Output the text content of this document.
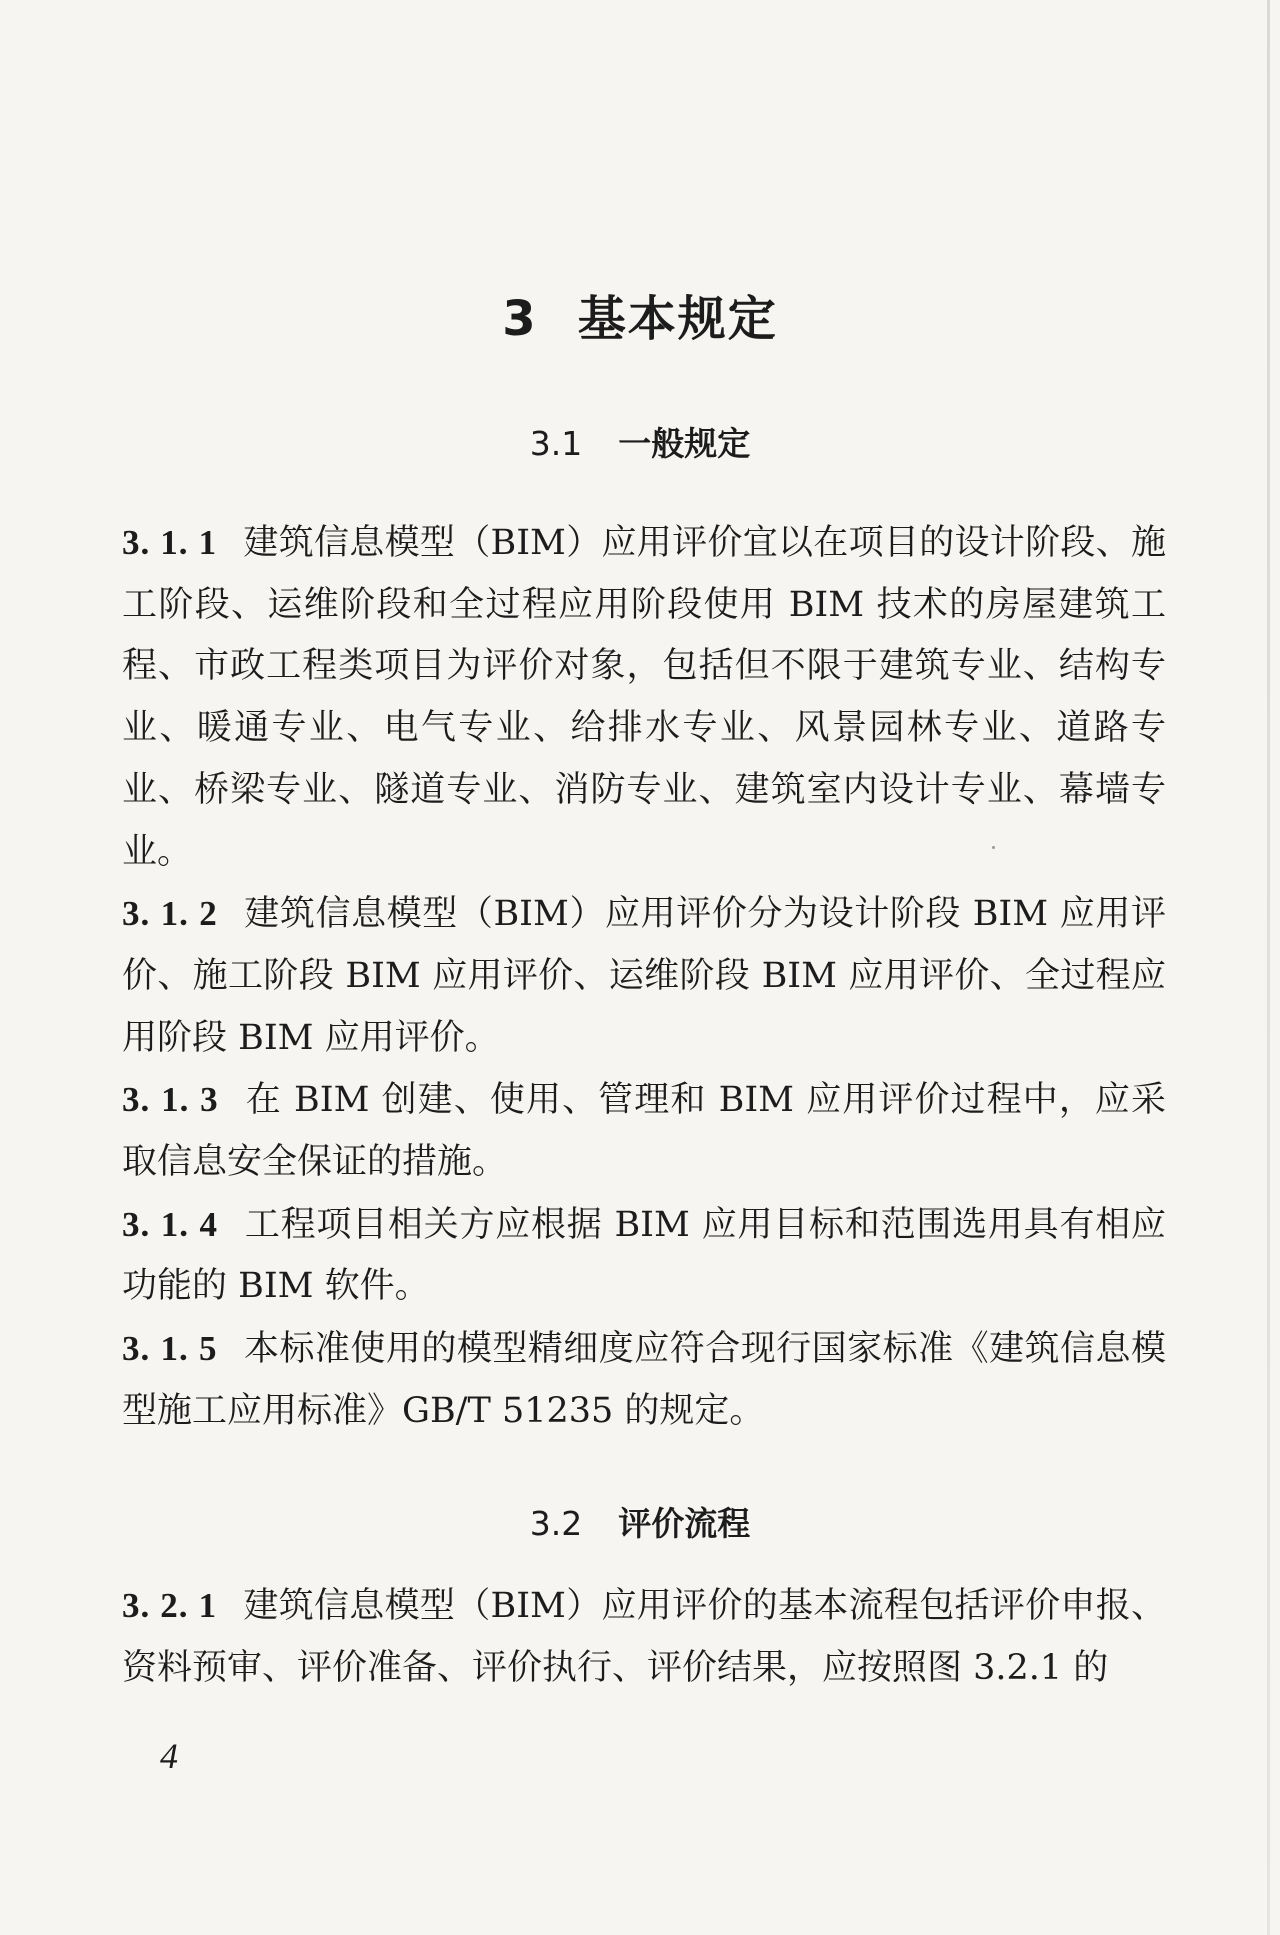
3 基本规定
3.1 一般规定

3. 1. 1 建筑信息模型（BIM）应用评价宜以在项目的设计阶段、施工阶段、运维阶段和全过程应用阶段使用 BIM 技术的房屋建筑工程、市政工程类项目为评价对象，包括但不限于建筑专业、结构专业、暖通专业、电气专业、给排水专业、风景园林专业、道路专业、桥梁专业、隧道专业、消防专业、建筑室内设计专业、幕墙专业。

3. 1. 2 建筑信息模型（BIM）应用评价分为设计阶段 BIM 应用评价、施工阶段 BIM 应用评价、运维阶段 BIM 应用评价、全过程应用阶段 BIM 应用评价。

3. 1. 3 在 BIM 创建、使用、管理和 BIM 应用评价过程中，应采取信息安全保证的措施。

3. 1. 4 工程项目相关方应根据 BIM 应用目标和范围选用具有相应功能的 BIM 软件。

3. 1. 5 本标准使用的模型精细度应符合现行国家标准《建筑信息模型施工应用标准》GB/T 51235 的规定。

3.2 评价流程

3. 2. 1 建筑信息模型（BIM）应用评价的基本流程包括评价申报、资料预审、评价准备、评价执行、评价结果，应按照图 3.2.1 的

4
